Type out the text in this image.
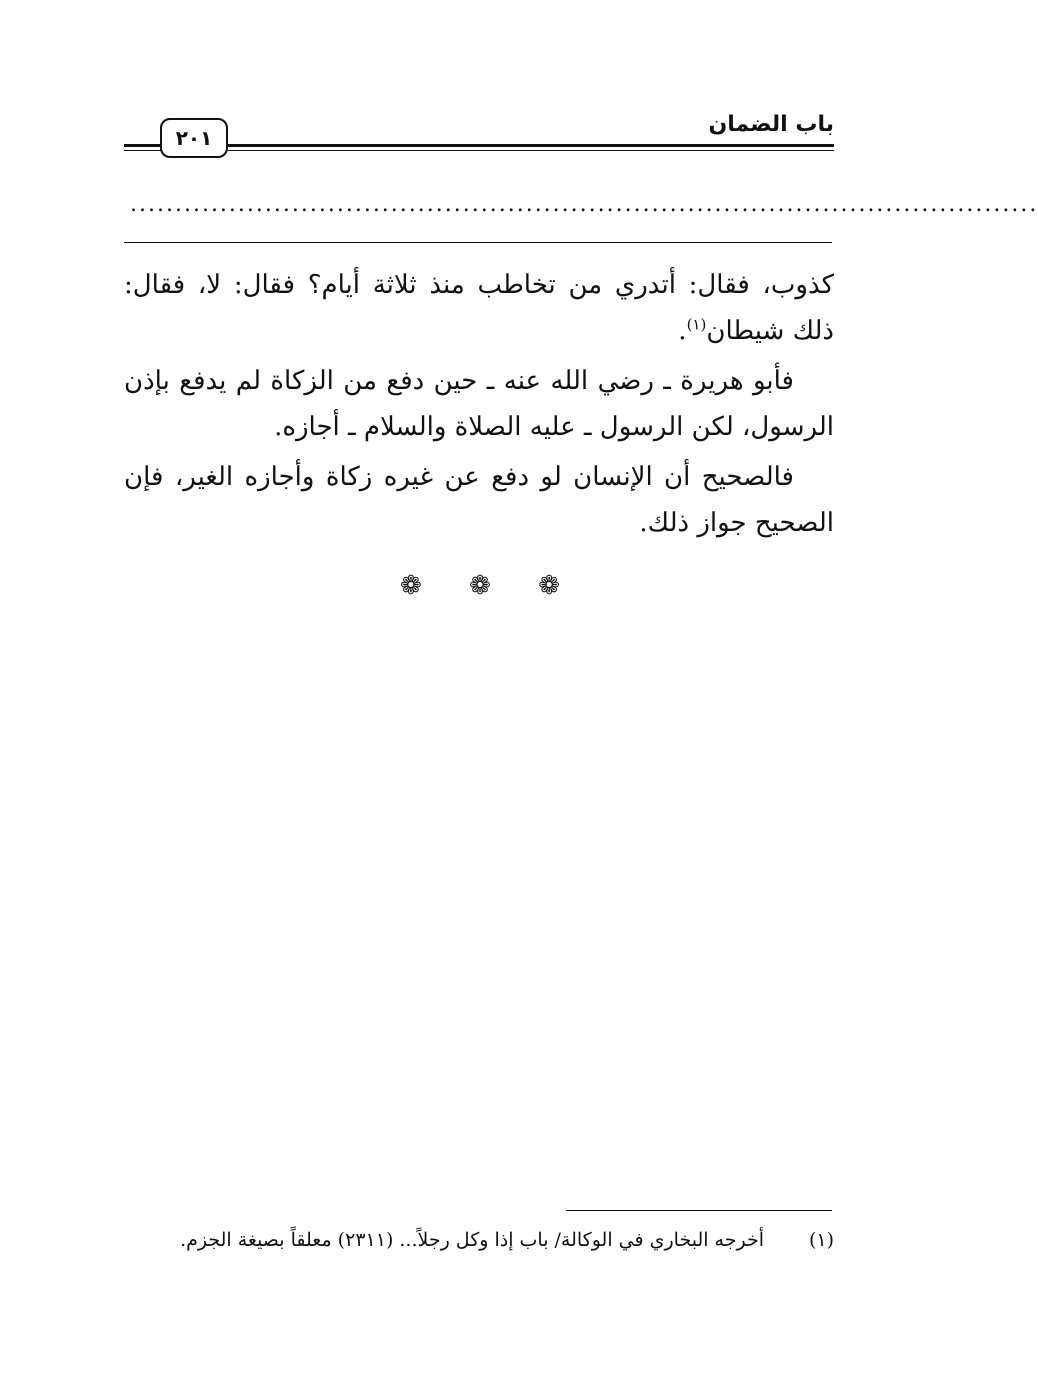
باب الضمان
٢٠١
.....................................................................................................

كذوب، فقال: أتدري من تخاطب منذ ثلاثة أيام؟ فقال: لا، فقال: ذلك شيطان$^{(١)}$.

فأبو هريرة ـ رضي الله عنه ـ حين دفع من الزكاة لم يدفع بإذن الرسول، لكن الرسول ـ عليه الصلاة والسلام ـ أجازه.

فالصحيح أن الإنسان لو دفع عن غيره زكاة وأجازه الغير، فإن الصحيح جواز ذلك.

❁ ❁ ❁
(١)
أخرجه البخاري في الوكالة/ باب إذا وكل رجلاً... (٢٣١١) معلقاً بصيغة الجزم.
